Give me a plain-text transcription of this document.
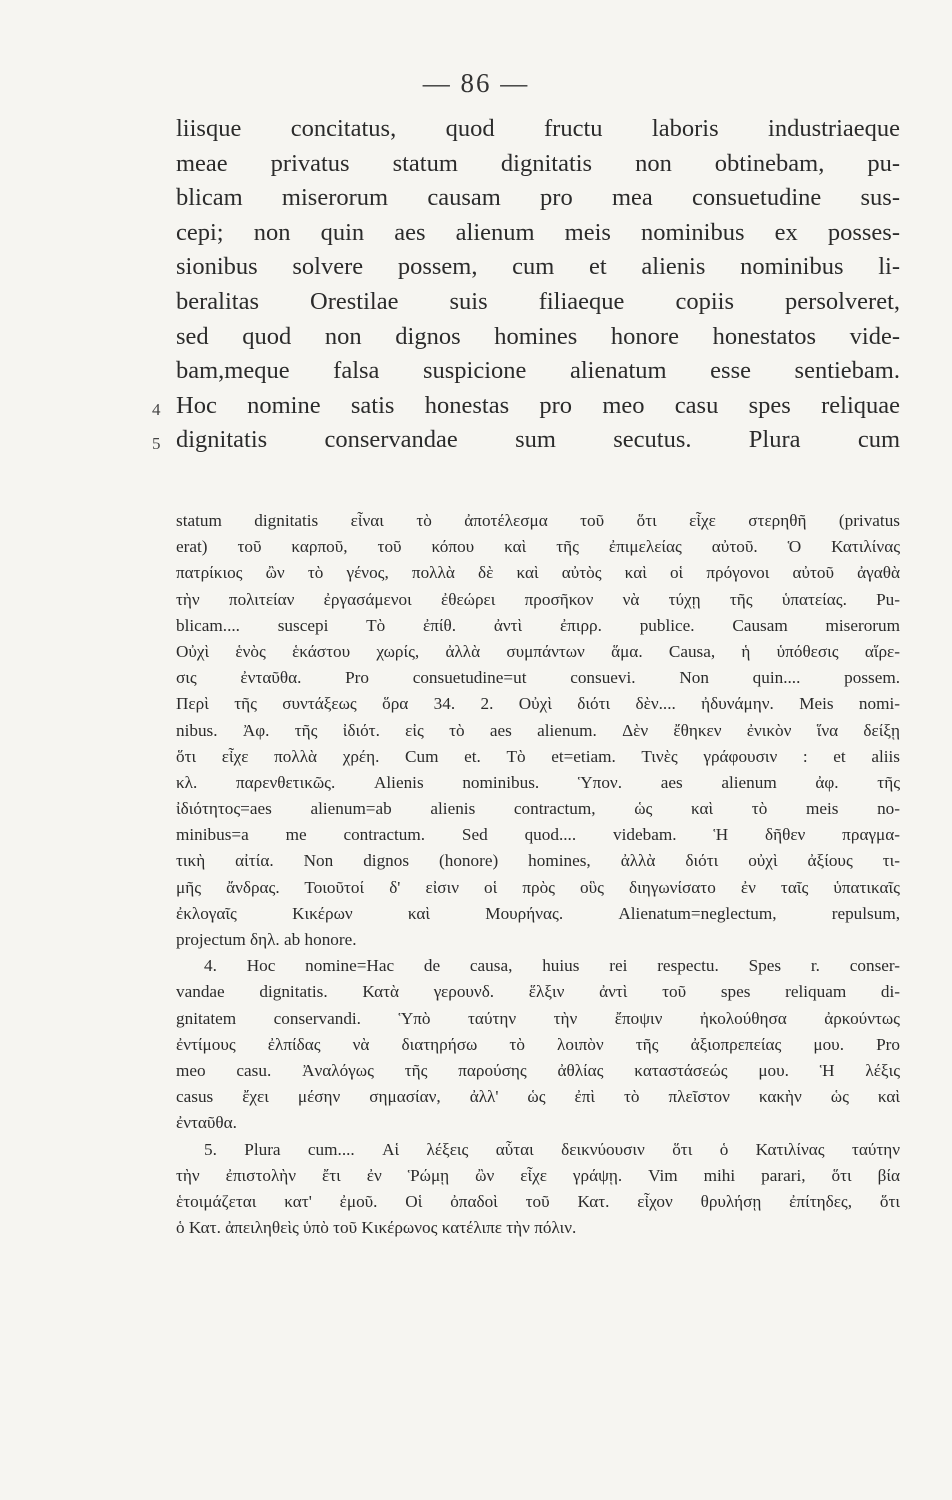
— 86 —
liisque concitatus, quod fructu laboris industriaeque
meae privatus statum dignitatis non obtinebam, pu-
blicam miserorum causam pro mea consuetudine sus-
cepi; non quin aes alienum meis nominibus ex posses-
sionibus solvere possem, cum et alienis nominibus li-
beralitas Orestilae suis filiaeque copiis persolveret,
sed quod non dignos homines honore honestatos vide-
bam,meque falsa suspicione alienatum esse sentiebam.
4 Hoc nomine satis honestas pro meo casu spes reliquae
5 dignitatis conservandae sum secutus. Plura cum
statum dignitatis εἶναι τὸ ἀποτέλεσμα τοῦ ὅτι εἶχε στερηθῆ (privatus
erat) τοῦ καρποῦ, τοῦ κόπου καὶ τῆς ἐπιμελείας αὐτοῦ. Ὁ Κατιλίνας
πατρίκιος ὢν τὸ γένος, πολλὰ δὲ καὶ αὐτὸς καὶ οἱ πρόγονοι αὐτοῦ ἀγαθὰ
τὴν πολιτείαν ἐργασάμενοι ἐθεώρει προσῆκον νὰ τύχῃ τῆς ὑπατείας. Pu-
blicam.... suscepi Τὸ ἐπίθ. ἀντὶ ἐπιρρ. publice. Causam miserorum
Οὐχὶ ἑνὸς ἑκάστου χωρίς, ἀλλὰ συμπάντων ἅμα. Causa, ἡ ὑπόθεσις αἵρε-
σις ἐνταῦθα. Pro consuetudine=ut consuevi. Non quin.... possem.
Περὶ τῆς συντάξεως ὅρα 34. 2. Οὐχὶ διότι δὲν.... ἠδυνάμην. Meis nomi-
nibus. Ἀφ. τῆς ἰδιότ. εἰς τὸ aes alienum. Δὲν ἔθηκεν ἐνικὸν ἵνα δείξῃ
ὅτι εἶχε πολλὰ χρέη. Cum et. Τὸ et=etiam. Τινὲς γράφουσιν : et aliis
κλ. παρενθετικῶς. Alienis nominibus. Ὑπον. aes alienum ἀφ. τῆς
ἰδιότητος=aes alienum=ab alienis contractum, ὡς καὶ τὸ meis no-
minibus=a me contractum. Sed quod.... videbam. Ἡ δῆθεν πραγμα-
τικὴ αἰτία. Non dignos (honore) homines, ἀλλὰ διότι οὐχὶ ἀξίους τι-
μῆς ἄνδρας. Τοιοῦτοί δ' εἰσιν οἱ πρὸς οὓς διηγωνίσατο ἐν ταῖς ὑπατικαῖς
ἐκλογαῖς Κικέρων καὶ Μουρήνας. Alienatum=neglectum, repulsum,
projectum δηλ. ab honore.
4. Hoc nomine=Hac de causa, huius rei respectu. Spes r. conser-
vandae dignitatis. Κατὰ γερουνδ. ἕλξιν ἀντὶ τοῦ spes reliquam di-
gnitatem conservandi. Ὑπὸ ταύτην τὴν ἔποψιν ἠκολούθησα ἀρκούντως
ἐντίμους ἐλπίδας νὰ διατηρήσω τὸ λοιπὸν τῆς ἀξιοπρεπείας μου. Pro
meo casu. Ἀναλόγως τῆς παρούσης ἀθλίας καταστάσεώς μου. Ἡ λέξις
casus ἔχει μέσην σημασίαν, ἀλλ' ὡς ἐπὶ τὸ πλεῖστον κακὴν ὡς καὶ
ἐνταῦθα.
5. Plura cum.... Αἱ λέξεις αὗται δεικνύουσιν ὅτι ὁ Κατιλίνας ταύτην
τὴν ἐπιστολὴν ἔτι ἐν Ῥώμῃ ὢν εἶχε γράψῃ. Vim mihi parari, ὅτι βία
ἑτοιμάζεται κατ' ἐμοῦ. Οἱ ὀπαδοὶ τοῦ Κατ. εἶχον θρυλήσῃ ἐπίτηδες, ὅτι
ὁ Κατ. ἀπειληθεὶς ὑπὸ τοῦ Κικέρωνος κατέλιπε τὴν πόλιν.
